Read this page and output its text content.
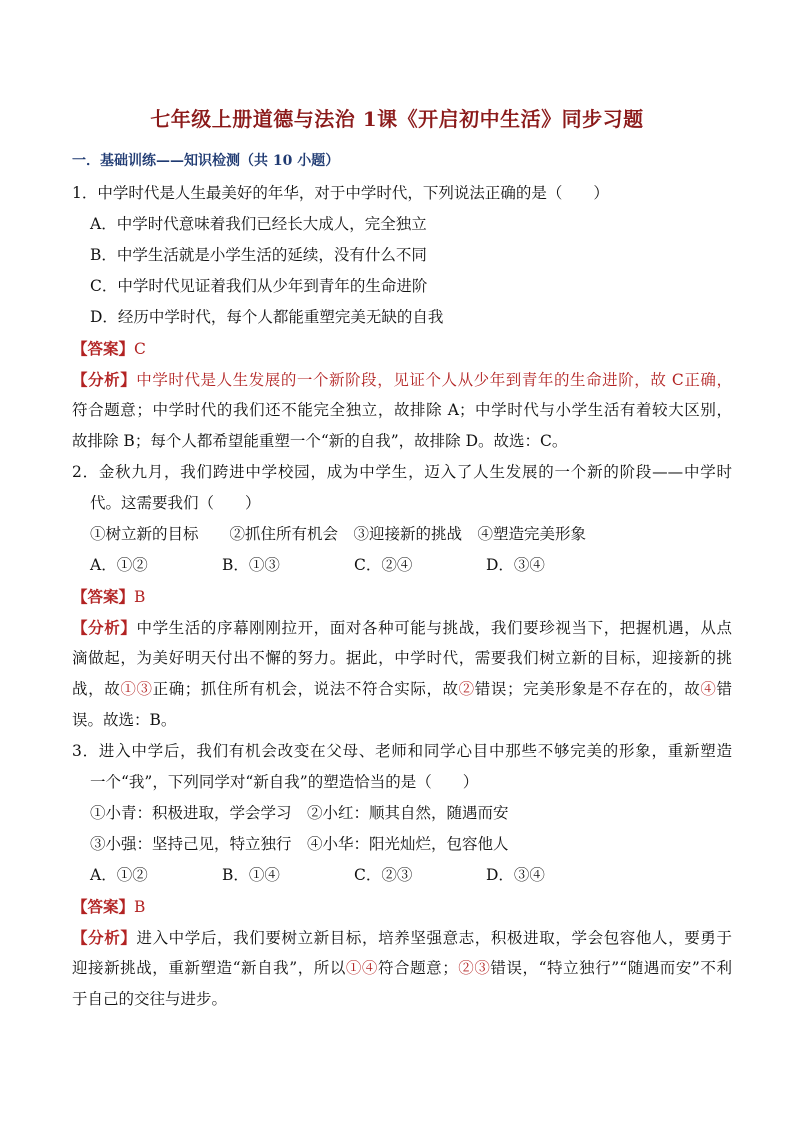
七年级上册道德与法治 1课《开启初中生活》同步习题
一．基础训练——知识检测（共 10 小题）
1．中学时代是人生最美好的年华，对于中学时代，下列说法正确的是（　　）
A．中学时代意味着我们已经长大成人，完全独立
B．中学生活就是小学生活的延续，没有什么不同
C．中学时代见证着我们从少年到青年的生命进阶
D．经历中学时代，每个人都能重塑完美无缺的自我
【答案】C
【分析】中学时代是人生发展的一个新阶段，见证个人从少年到青年的生命进阶，故 C正确，
符合题意；中学时代的我们还不能完全独立，故排除 A；中学时代与小学生活有着较大区别，
故排除 B；每个人都希望能重塑一个“新的自我”，故排除 D。故选：C。
2．金秋九月，我们跨进中学校园，成为中学生，迈入了人生发展的一个新的阶段——中学时
代。这需要我们（　　）
①树立新的目标　　②抓住所有机会　③迎接新的挑战　④塑造完美形象
A．①②	B．①③	C．②④	D．③④
【答案】B
【分析】中学生活的序幕刚刚拉开，面对各种可能与挑战，我们要珍视当下，把握机遇，从点
滴做起，为美好明天付出不懈的努力。据此，中学时代，需要我们树立新的目标，迎接新的挑
战，故①③正确；抓住所有机会，说法不符合实际，故②错误；完美形象是不存在的，故④错
误。故选：B。
3．进入中学后，我们有机会改变在父母、老师和同学心目中那些不够完美的形象，重新塑造
一个“我”，下列同学对“新自我”的塑造恰当的是（　　）
①小青：积极进取，学会学习　②小红：顺其自然，随遇而安
③小强：坚持己见，特立独行　④小华：阳光灿烂，包容他人
A．①②	B．①④	C．②③	D．③④
【答案】B
【分析】进入中学后，我们要树立新目标，培养坚强意志，积极进取，学会包容他人，要勇于
迎接新挑战，重新塑造“新自我”，所以①④符合题意；②③错误，“特立独行”“随遇而安”不利
于自己的交往与进步。
